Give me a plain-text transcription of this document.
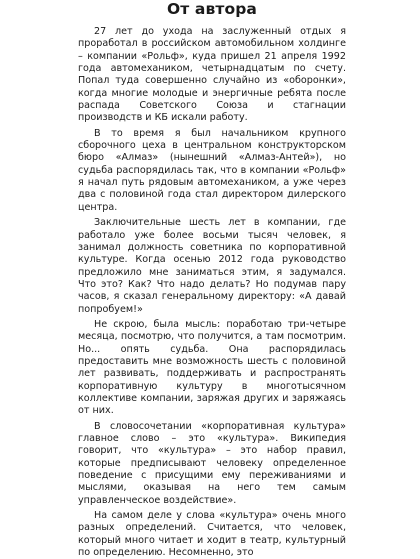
От автора

27 лет до ухода на заслуженный отдых я проработал в российском автомобильном холдинге – компании «Рольф», куда пришел 21 апреля 1992 года автомехаником, четырнадцатым по счету. Попал туда совершенно случайно из «оборонки», когда многие молодые и энергичные ребята после распада Советского Союза и стагнации производств и КБ искали работу.

В то время я был начальником крупного сборочного цеха в центральном конструкторском бюро «Алмаз» (нынешний «Алмаз-Антей»), но судьба распорядилась так, что в компании «Рольф» я начал путь рядовым автомехаником, а уже через два с половиной года стал директором дилерского центра.

Заключительные шесть лет в компании, где работало уже более восьми тысяч человек, я занимал должность советника по корпоративной культуре. Когда осенью 2012 года руководство предложило мне заниматься этим, я задумался. Что это? Как? Что надо делать? Но подумав пару часов, я сказал генеральному директору: «А давай попробуем!»

Не скрою, была мысль: поработаю три-четыре месяца, посмотрю, что получится, а там посмотрим. Но... опять судьба. Она распорядилась предоставить мне возможность шесть с половиной лет развивать, поддерживать и распространять корпоративную культуру в многотысячном коллективе компании, заряжая других и заряжаясь от них.

В словосочетании «корпоративная культура» главное слово – это «культура». Википедия говорит, что «культура» – это набор правил, которые предписывают человеку определенное поведение с присущими ему переживаниями и мыслями, оказывая на него тем самым управленческое воздействие».

На самом деле у слова «культура» очень много разных определений. Считается, что человек, который много читает и ходит в театр, культурный по определению. Несомненно, это
